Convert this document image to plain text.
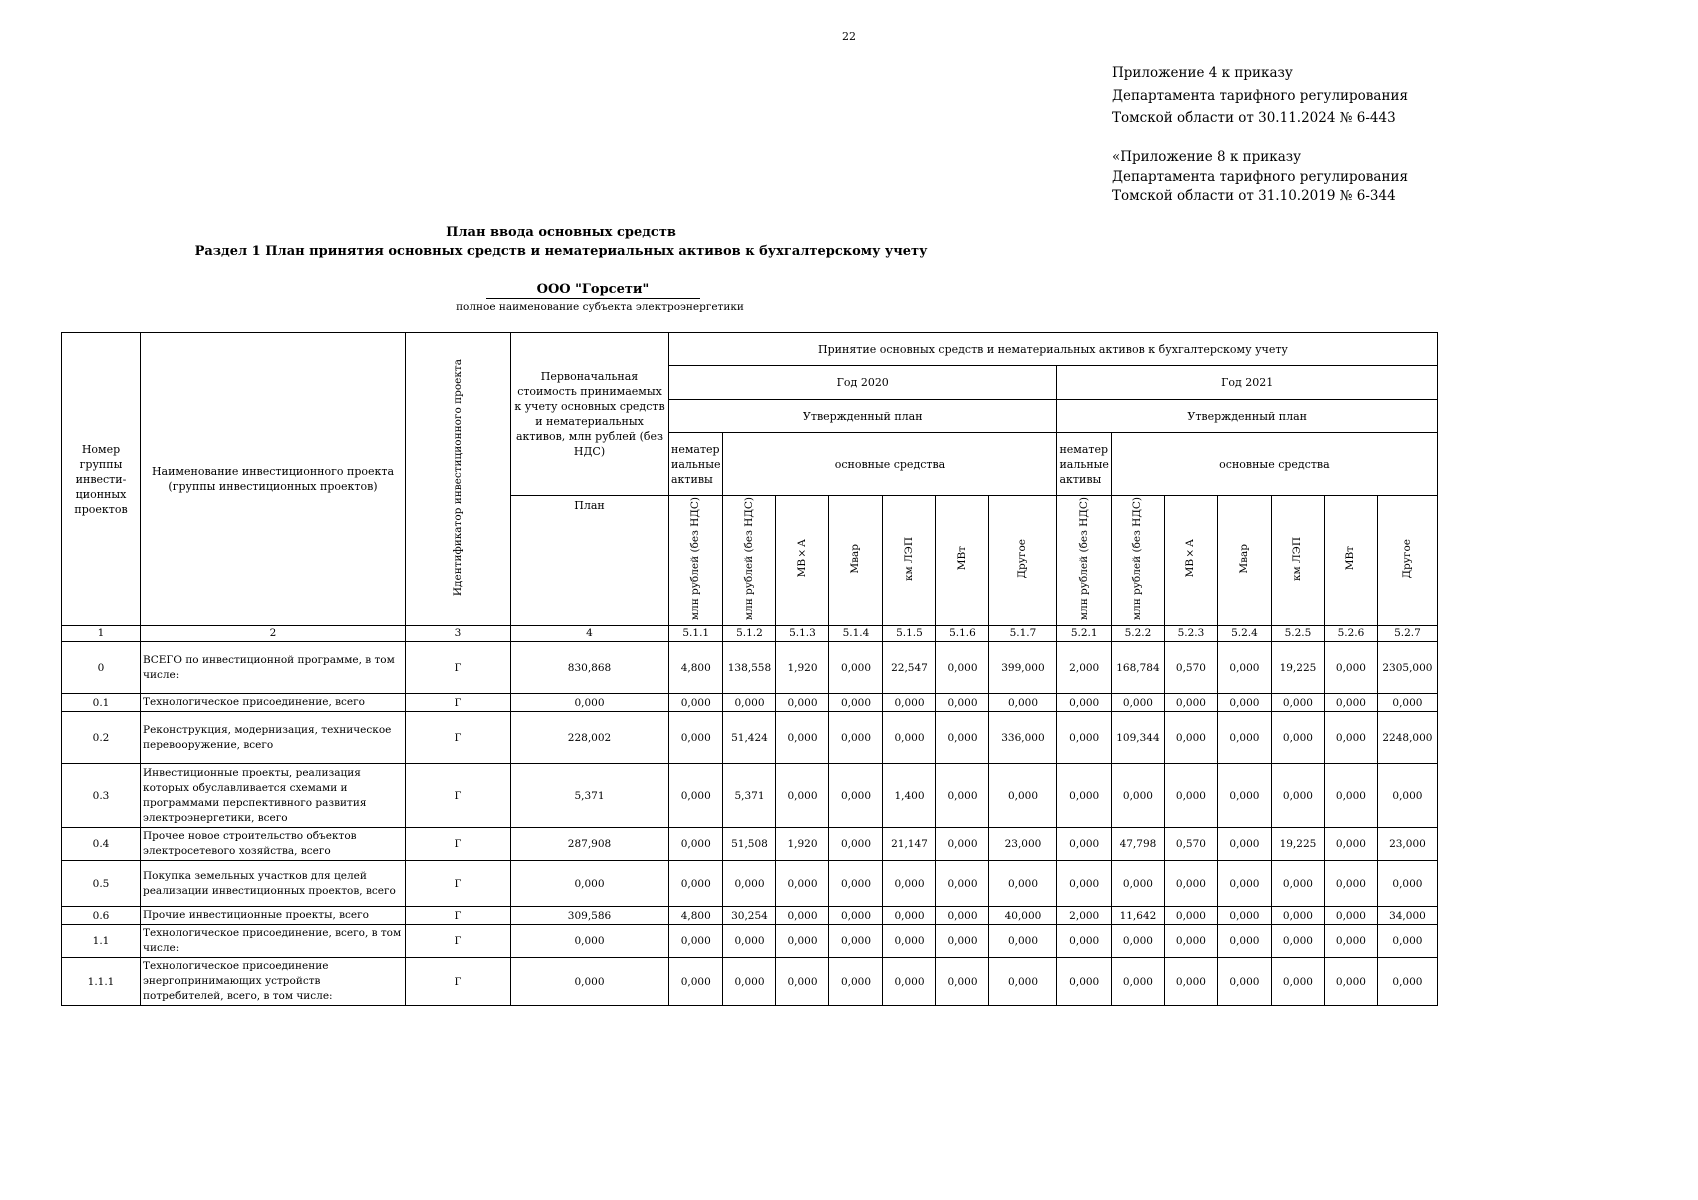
22
Приложение 4 к приказу
Департамента тарифного регулирования
Томской области от 30.11.2024 № 6-443
«Приложение 8 к приказу
Департамента тарифного регулирования
Томской области от 31.10.2019 № 6-344
План ввода основных средств
Раздел 1 План принятия основных средств и нематериальных активов к бухгалтерскому учету
ООО "Горсети"
полное наименование субъекта электроэнергетики
Номер группы инвести-ционных проектов	Наименование инвестиционного проекта (группы инвестиционных проектов)	Идентификатор инвестиционного проекта	Первоначальная стоимость принимаемых к учету основных средств и нематериальных активов, млн рублей (без НДС)	Принятие основных средств и нематериальных активов к бухгалтерскому учету													
				Год 2020							Год 2021						
				Утвержденный план							Утвержденный план						
				нематер иальные активы	основные средства						нематер иальные активы	основные средства					
			План	млн рублей (без НДС)	млн рублей (без НДС)	МВ×А	Мвар	км ЛЭП	МВт	Другое	млн рублей (без НДС)	млн рублей (без НДС)	МВ×А	Мвар	км ЛЭП	МВт	Другое
1	2	3	4	5.1.1	5.1.2	5.1.3	5.1.4	5.1.5	5.1.6	5.1.7	5.2.1	5.2.2	5.2.3	5.2.4	5.2.5	5.2.6	5.2.7
0	ВСЕГО по инвестиционной программе, в том числе:	Г	830,868	4,800	138,558	1,920	0,000	22,547	0,000	399,000	2,000	168,784	0,570	0,000	19,225	0,000	2305,000
0.1	Технологическое присоединение, всего	Г	0,000	0,000	0,000	0,000	0,000	0,000	0,000	0,000	0,000	0,000	0,000	0,000	0,000	0,000	0,000
0.2	Реконструкция, модернизация, техническое перевооружение, всего	Г	228,002	0,000	51,424	0,000	0,000	0,000	0,000	336,000	0,000	109,344	0,000	0,000	0,000	0,000	2248,000
0.3	Инвестиционные проекты, реализация которых обуславливается схемами и программами перспективного развития электроэнергетики, всего	Г	5,371	0,000	5,371	0,000	0,000	1,400	0,000	0,000	0,000	0,000	0,000	0,000	0,000	0,000	0,000
0.4	Прочее новое строительство объектов электросетевого хозяйства, всего	Г	287,908	0,000	51,508	1,920	0,000	21,147	0,000	23,000	0,000	47,798	0,570	0,000	19,225	0,000	23,000
0.5	Покупка земельных участков для целей реализации инвестиционных проектов, всего	Г	0,000	0,000	0,000	0,000	0,000	0,000	0,000	0,000	0,000	0,000	0,000	0,000	0,000	0,000	0,000
0.6	Прочие инвестиционные проекты, всего	Г	309,586	4,800	30,254	0,000	0,000	0,000	0,000	40,000	2,000	11,642	0,000	0,000	0,000	0,000	34,000
1.1	Технологическое присоединение, всего, в том числе:	Г	0,000	0,000	0,000	0,000	0,000	0,000	0,000	0,000	0,000	0,000	0,000	0,000	0,000	0,000	0,000
1.1.1	Технологическое присоединение энергопринимающих устройств потребителей, всего, в том числе:	Г	0,000	0,000	0,000	0,000	0,000	0,000	0,000	0,000	0,000	0,000	0,000	0,000	0,000	0,000	0,000
